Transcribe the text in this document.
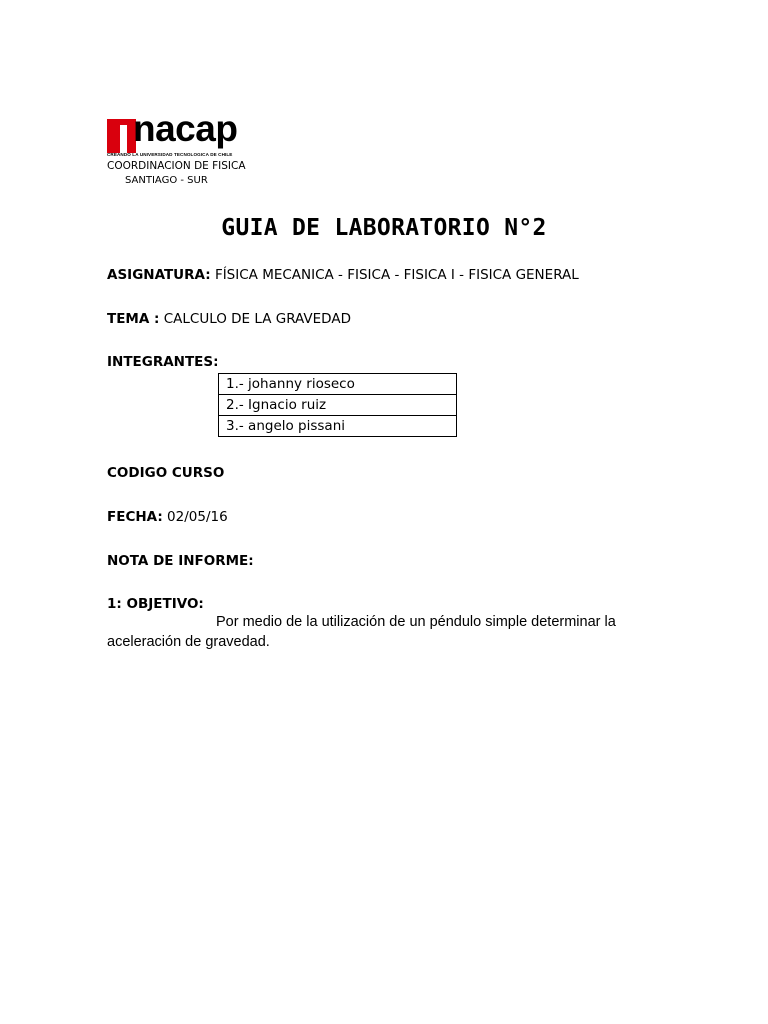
nacap
CREANDO LA UNIVERSIDAD TECNOLOGICA DE CHILE
COORDINACION DE FISICA
SANTIAGO - SUR
GUIA DE LABORATORIO N°2
ASIGNATURA: FÍSICA MECANICA - FISICA - FISICA I - FISICA GENERAL
TEMA : CALCULO DE LA GRAVEDAD
INTEGRANTES:
1.- johanny rioseco
2.- Ignacio ruiz
3.- angelo pissani
CODIGO CURSO
FECHA: 02/05/16
NOTA DE INFORME:
1: OBJETIVO:
Por medio de la utilización de un péndulo simple determinar la
aceleración de gravedad.
